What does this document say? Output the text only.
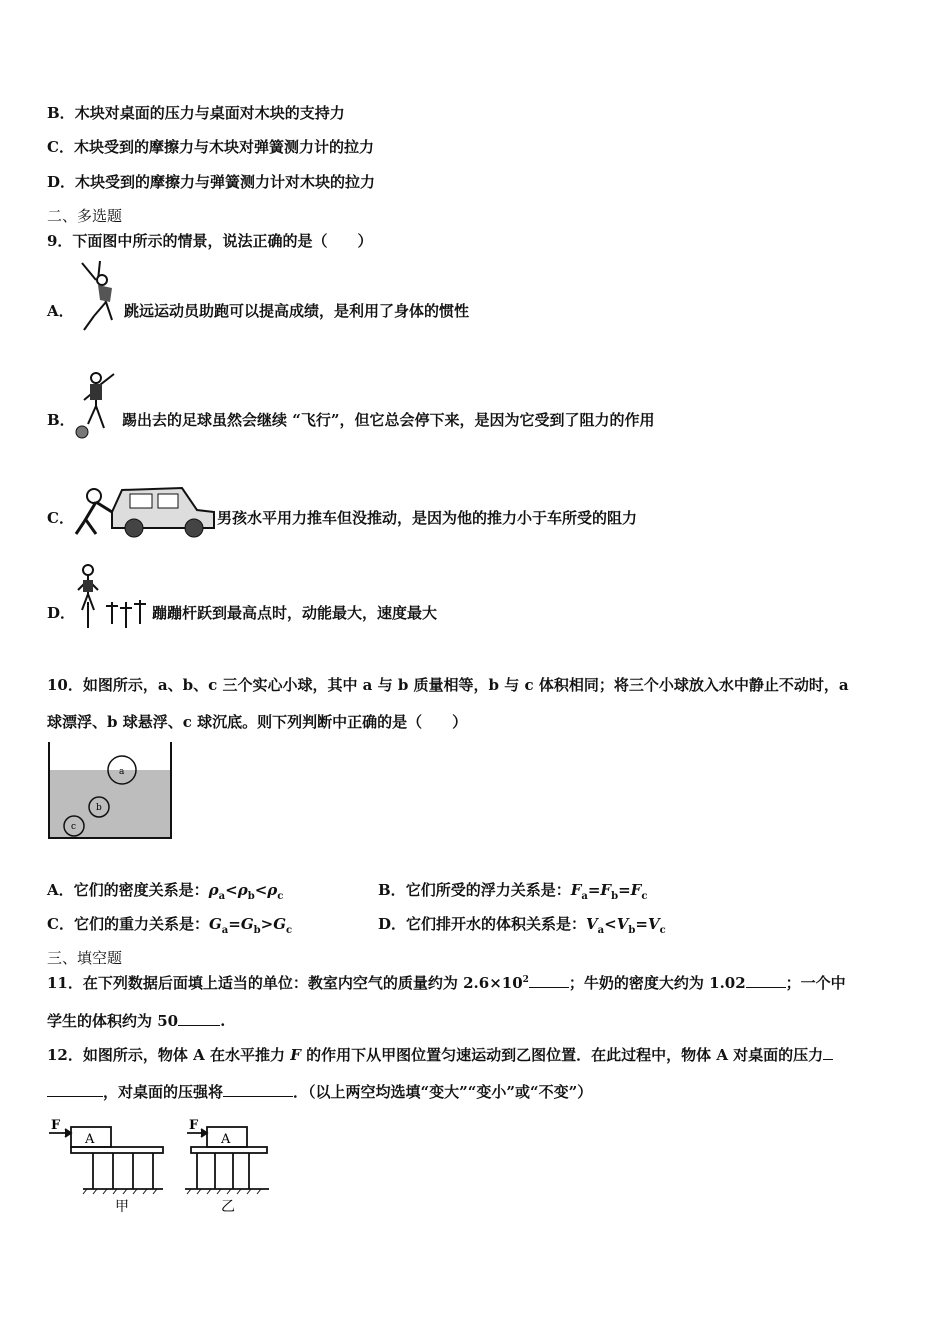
B．木块对桌面的压力与桌面对木块的支持力
C．木块受到的摩擦力与木块对弹簧测力计的拉力
D．木块受到的摩擦力与弹簧测力计对木块的拉力
二、多选题
9．下面图中所示的情景，说法正确的是（　　）
A．	跳远运动员助跑可以提高成绩，是利用了身体的惯性
B．	踢出去的足球虽然会继续 “飞行”，但它总会停下来，是因为它受到了阻力的作用
C．	男孩水平用力推车但没推动，是因为他的推力小于车所受的阻力
D．	蹦蹦杆跃到最高点时，动能最大，速度最大
10．如图所示，a、b、c 三个实心小球，其中 a 与 b 质量相等，b 与 c 体积相同；将三个小球放入水中静止不动时，a
球漂浮、b 球悬浮、c 球沉底。则下列判断中正确的是（　　）
a
b
c
A．它们的密度关系是：$\rho_a<\rho_b<\rho_c$	B．它们所受的浮力关系是：$F_a=F_b=F_c$
C．它们的重力关系是：$G_a=G_b>G_c$	D．它们排开水的体积关系是：$V_a<V_b=V_c$
三、填空题
11．在下列数据后面填上适当的单位：教室内空气的质量约为 $2.6\times 10^2$	；牛奶的密度大约为 1.02	；一个中
学生的体积约为 50	.
12．如图所示，物体 A 在水平推力 F 的作用下从甲图位置匀速运动到乙图位置．在此过程中，物体 A 对桌面的压力
，对桌面的压强将	．（以上两空均选填“变大”“变小”或“不变”）
F
A
F
A
甲	乙
